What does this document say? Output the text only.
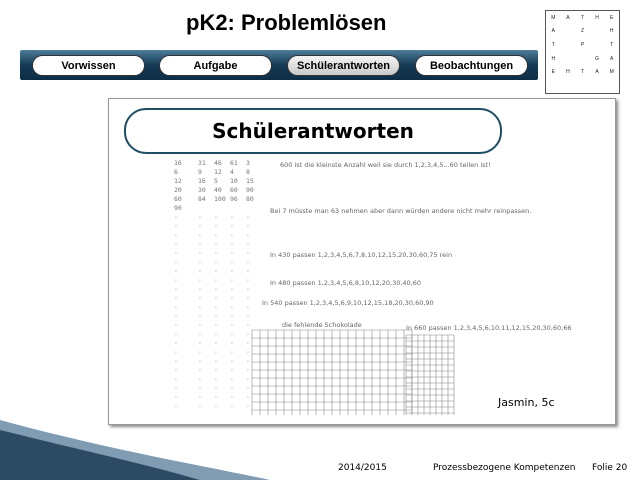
pK2: Problemlösen	M	A	T	H	E
A	Z	H
T	P	T
H	G	A
E	H	T	A	M
Vorwissen	Aufgabe	Schülerantworten	Beobachtungen
Schülerantworten
600 ist die kleinste Anzahl weil sie durch 1,2,3,4,5...60 teilen ist!
Bei 7 müsste man 63 nehmen aber dann würden andere nicht mehr reinpassen.
In 430 passen 1,2,3,4,5,6,7,8,10,12,15,20,30,60,75 rein
In 480 passen 1,2,3,4,5,6,8,10,12,20,30,40,60
In 540 passen 1,2,3,4,5,6,9,10,12,15,18,20,30,60,90
In 660 passen 1,2,3,4,5,6,10,11,12,15,20,30,60,66
die fehlende Schokolade
16 31 46 61 3
6	9 12 4 8
12 16 5 10 15
20 30 40 60 90
60 84 100 96 80
90
·
·
·
·
·
·
·
·
·
·
·
·
·
·
·
·
·
·
·
·
·
·
·
·
·
·
·
·
·
·
·
·
·
·
·
·
·
·
·
·
·
·
·
·
·
·
·
·
·
·
·
·
·
·
·
·
·
·
·
·
·
·
·
·
·
·
·
·
·
·
·
·
·
·
·
·
·
·
·
·
·
·
·
·
·
·
·
·
·
·
·
·
·
·
·
·
·
·
·
·
·
·
·
·
·
·
·
·
·
·	Jasmin, 5c
2014/2015	Prozessbezogene Kompetenzen Folie 20
